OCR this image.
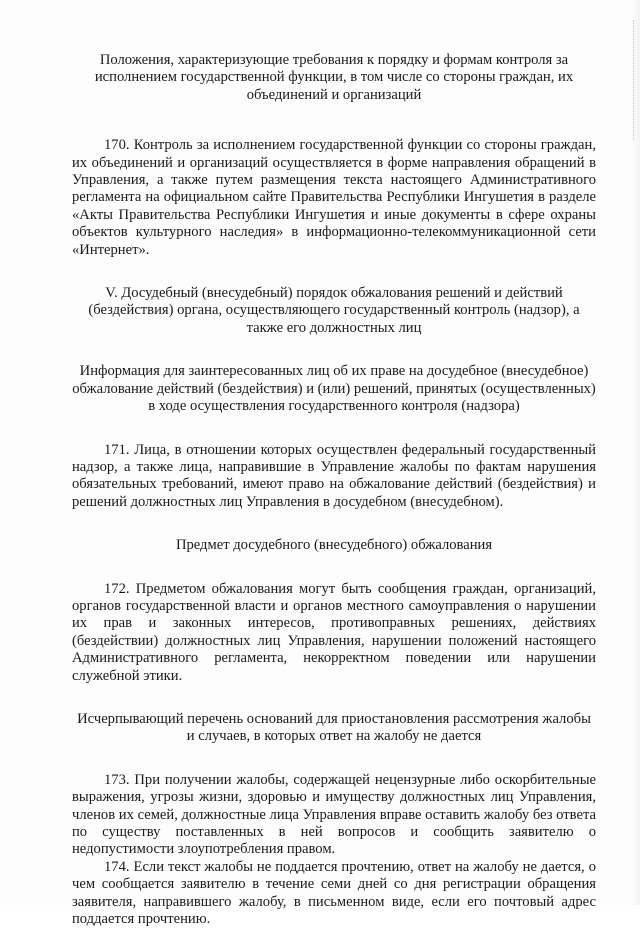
Положения, характеризующие требования к порядку и формам контроля за исполнением государственной функции, в том числе со стороны граждан, их объединений и организаций

170. Контроль за исполнением государственной функции со стороны граждан, их объединений и организаций осуществляется в форме направления обращений в Управления, а также путем размещения текста настоящего Административного регламента на официальном сайте Правительства Республики Ингушетия в разделе «Акты Правительства Республики Ингушетия и иные документы в сфере охраны объектов культурного наследия» в информационно-телекоммуникационной сети «Интернет».

V. Досудебный (внесудебный) порядок обжалования решений и действий (бездействия) органа, осуществляющего государственный контроль (надзор), а также его должностных лиц

Информация для заинтересованных лиц об их праве на досудебное (внесудебное) обжалование действий (бездействия) и (или) решений, принятых (осуществленных) в ходе осуществления государственного контроля (надзора)

171. Лица, в отношении которых осуществлен федеральный государственный надзор, а также лица, направившие в Управление жалобы по фактам нарушения обязательных требований, имеют право на обжалование действий (бездействия) и решений должностных лиц Управления в досудебном (внесудебном).

Предмет досудебного (внесудебного) обжалования

172. Предметом обжалования могут быть сообщения граждан, организаций, органов государственной власти и органов местного самоуправления о нарушении их прав и законных интересов, противоправных решениях, действиях (бездействии) должностных лиц Управления, нарушении положений настоящего Административного регламента, некорректном поведении или нарушении служебной этики.

Исчерпывающий перечень оснований для приостановления рассмотрения жалобы и случаев, в которых ответ на жалобу не дается

173. При получении жалобы, содержащей нецензурные либо оскорбительные выражения, угрозы жизни, здоровью и имуществу должностных лиц Управления, членов их семей, должностные лица Управления вправе оставить жалобу без ответа по существу поставленных в ней вопросов и сообщить заявителю о недопустимости злоупотребления правом.

174. Если текст жалобы не поддается прочтению, ответ на жалобу не дается, о чем сообщается заявителю в течение семи дней со дня регистрации обращения заявителя, направившего жалобу, в письменном виде, если его почтовый адрес поддается прочтению.
